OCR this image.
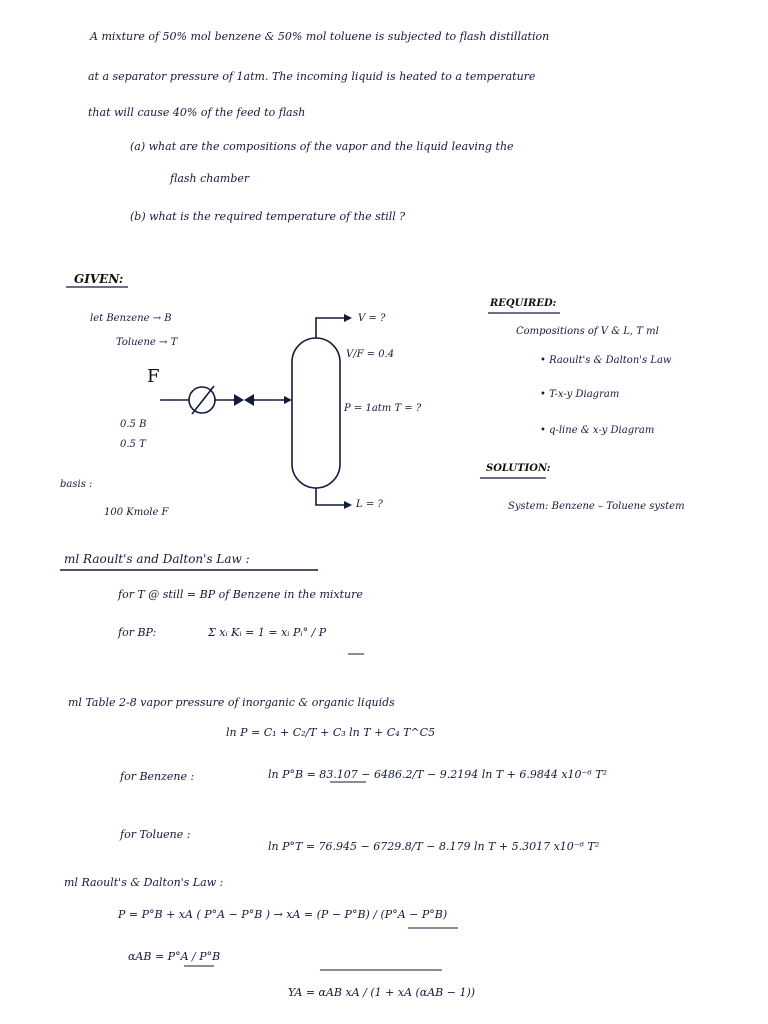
A mixture of 50% mol benzene & 50% mol toluene is subjected to flash distillation
at a separator pressure of 1atm. The incoming liquid is heated to a temperature
that will cause 40% of the feed to flash
(a) what are the compositions of the vapor and the liquid leaving the
flash chamber
(b) what is the required temperature of the still ?
GIVEN:
let Benzene → B
Toluene → T
F
0.5 B
0.5 T
basis :
100 Kmole F
V = ?
V/F = 0.4
P = 1atm T = ?
L = ?
REQUIRED:
Compositions of V & L, T ml
• Raoult's & Dalton's Law
• T-x-y Diagram
• q-line & x-y Diagram
SOLUTION:
System: Benzene – Toluene system
ml Raoult's and Dalton's Law :
for T @ still = BP of Benzene in the mixture
for BP:	Σ xᵢ Kᵢ = 1 = xᵢ Pᵢ° / P
ml Table 2-8 vapor pressure of inorganic & organic liquids
ln P = C₁ + C₂/T + C₃ ln T + C₄ T^C5
for Benzene :	ln P°B = 83.107 − 6486.2/T − 9.2194 ln T + 6.9844 x10⁻⁶ T²
for Toluene :
ln P°T = 76.945 − 6729.8/T − 8.179 ln T + 5.3017 x10⁻⁶ T²
ml Raoult's & Dalton's Law :
P = P°B + xA ( P°A − P°B ) → xA = (P − P°B) / (P°A − P°B)
αAB = P°A / P°B
YA = αAB xA / (1 + xA (αAB − 1))
